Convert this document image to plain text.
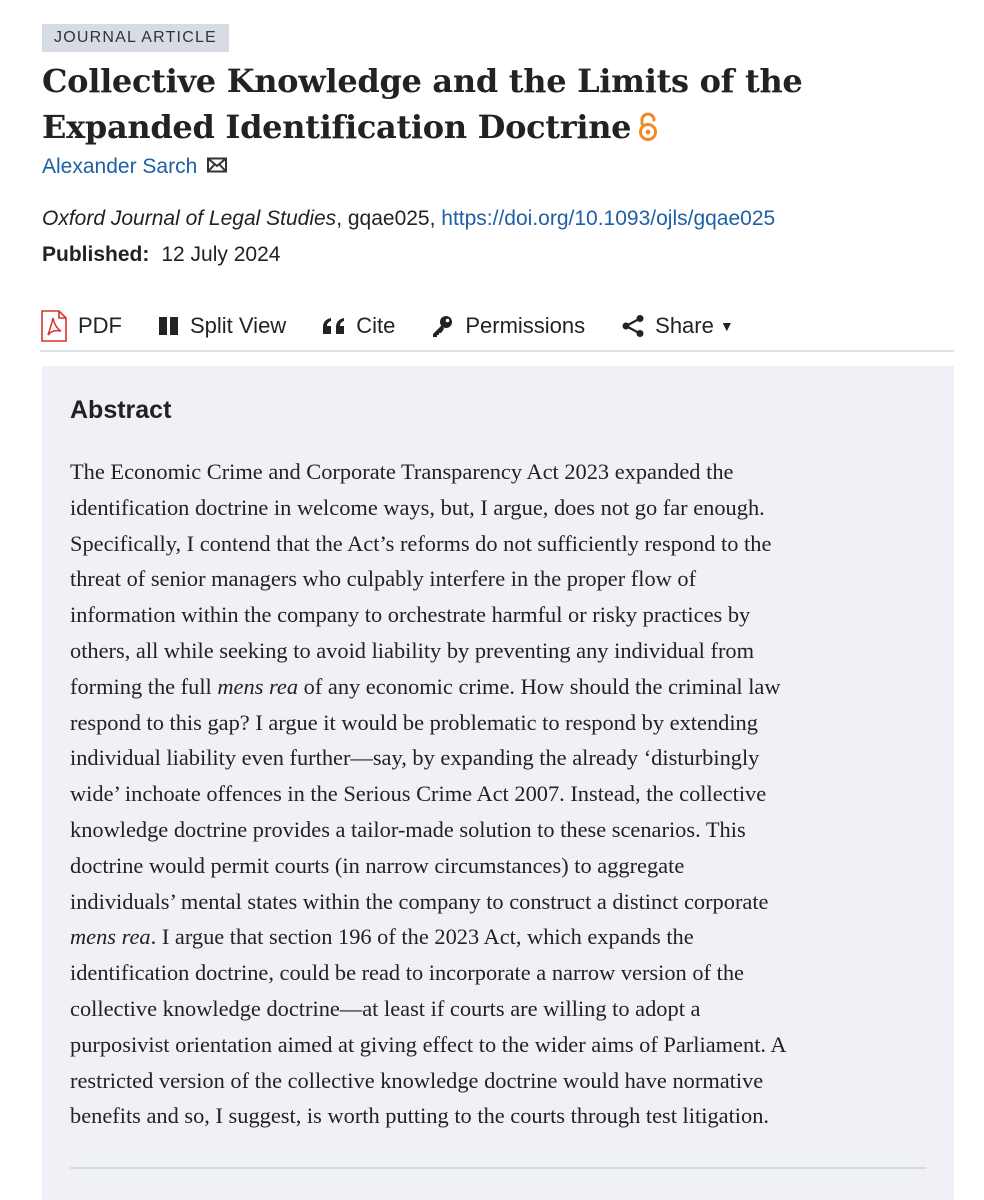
JOURNAL ARTICLE
Collective Knowledge and the Limits of the
Expanded Identification Doctrine
Alexander Sarch
Oxford Journal of Legal Studies, gqae025, https://doi.org/10.1093/ojls/gqae025
Published: 12 July 2024
PDF	Split View	Cite	Permissions	Share ▼
Abstract
The Economic Crime and Corporate Transparency Act 2023 expanded the
identification doctrine in welcome ways, but, I argue, does not go far enough.
Specifically, I contend that the Act’s reforms do not sufficiently respond to the
threat of senior managers who culpably interfere in the proper flow of
information within the company to orchestrate harmful or risky practices by
others, all while seeking to avoid liability by preventing any individual from
forming the full mens rea of any economic crime. How should the criminal law
respond to this gap? I argue it would be problematic to respond by extending
individual liability even further—say, by expanding the already ‘disturbingly
wide’ inchoate offences in the Serious Crime Act 2007. Instead, the collective
knowledge doctrine provides a tailor-made solution to these scenarios. This
doctrine would permit courts (in narrow circumstances) to aggregate
individuals’ mental states within the company to construct a distinct corporate
mens rea. I argue that section 196 of the 2023 Act, which expands the
identification doctrine, could be read to incorporate a narrow version of the
collective knowledge doctrine—at least if courts are willing to adopt a
purposivist orientation aimed at giving effect to the wider aims of Parliament. A
restricted version of the collective knowledge doctrine would have normative
benefits and so, I suggest, is worth putting to the courts through test litigation.
